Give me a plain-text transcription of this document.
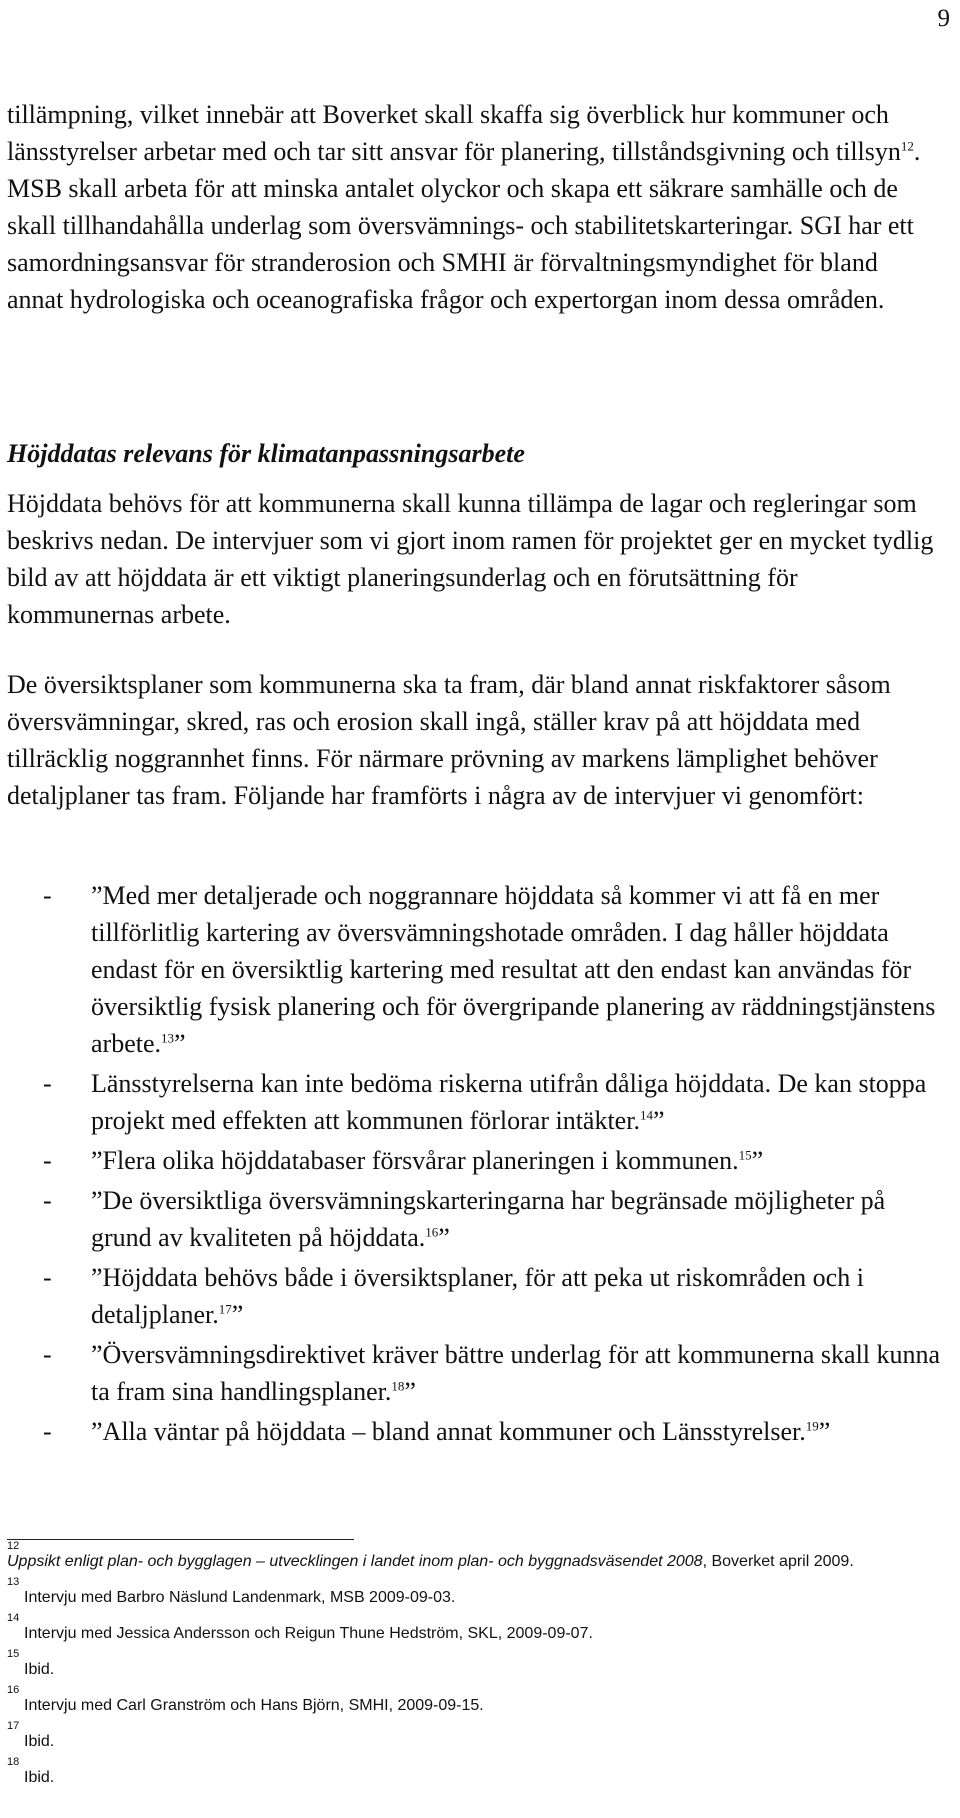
9

tillämpning, vilket innebär att Boverket skall skaffa sig överblick hur kommuner och länsstyrelser arbetar med och tar sitt ansvar för planering, tillståndsgivning och tillsyn$^{12}$. MSB skall arbeta för att minska antalet olyckor och skapa ett säkrare samhälle och de skall tillhandahålla underlag som översvämnings- och stabilitetskarteringar. SGI har ett samordningsansvar för stranderosion och SMHI är förvaltningsmyndighet för bland annat hydrologiska och oceanografiska frågor och expertorgan inom dessa områden.

Höjddatas relevans för klimatanpassningsarbete

Höjddata behövs för att kommunerna skall kunna tillämpa de lagar och regleringar som beskrivs nedan. De intervjuer som vi gjort inom ramen för projektet ger en mycket tydlig bild av att höjddata är ett viktigt planeringsunderlag och en förutsättning för kommunernas arbete.

De översiktsplaner som kommunerna ska ta fram, där bland annat riskfaktorer såsom översvämningar, skred, ras och erosion skall ingå, ställer krav på att höjddata med tillräcklig noggrannhet finns. För närmare prövning av markens lämplighet behöver detaljplaner tas fram. Följande har framförts i några av de intervjuer vi genomfört:

-	”Med mer detaljerade och noggrannare höjddata så kommer vi att få en mer tillförlitlig kartering av översvämningshotade områden. I dag håller höjddata endast för en översiktlig kartering med resultat att den endast kan användas för översiktlig fysisk planering och för övergripande planering av räddningstjänstens arbete.$^{13}$”
-	Länsstyrelserna kan inte bedöma riskerna utifrån dåliga höjddata. De kan stoppa projekt med effekten att kommunen förlorar intäkter.$^{14}$”
-	”Flera olika höjddatabaser försvårar planeringen i kommunen.$^{15}$”
-	”De översiktliga översvämningskarteringarna har begränsade möjligheter på grund av kvaliteten på höjddata.$^{16}$”
-	”Höjddata behövs både i översiktsplaner, för att peka ut riskområden och i detaljplaner.$^{17}$”
-	”Översvämningsdirektivet kräver bättre underlag för att kommunerna skall kunna ta fram sina handlingsplaner.$^{18}$”
-	”Alla väntar på höjddata – bland annat kommuner och Länsstyrelser.$^{19}$”
12
Uppsikt enligt plan- och bygglagen – utvecklingen i landet inom plan- och byggnadsväsendet 2008, Boverket april 2009.
13
Intervju med Barbro Näslund Landenmark, MSB 2009-09-03.
14
Intervju med Jessica Andersson och Reigun Thune Hedström, SKL, 2009-09-07.
15
Ibid.
16
Intervju med Carl Granström och Hans Björn, SMHI, 2009-09-15.
17
Ibid.
18
Ibid.
